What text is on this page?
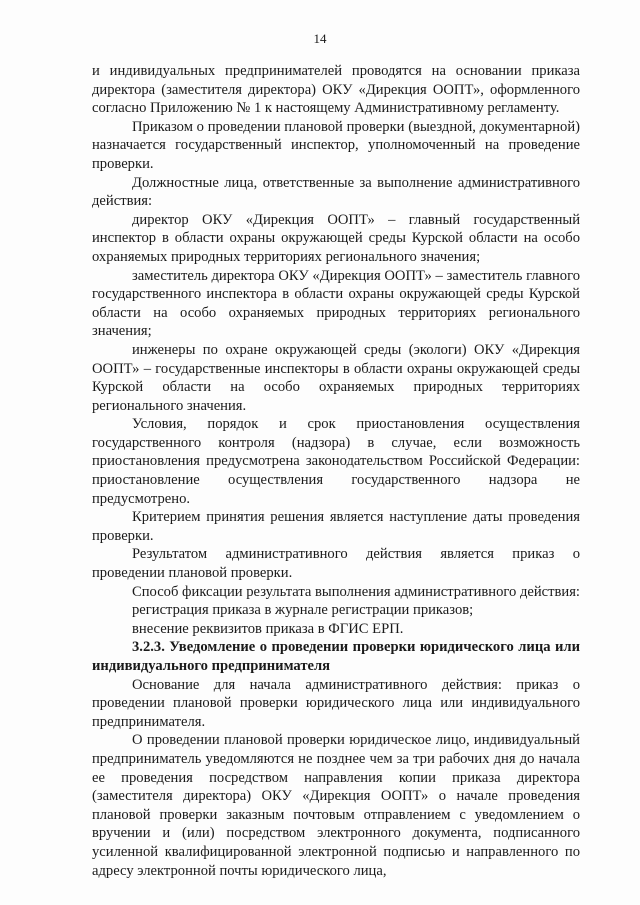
14

и индивидуальных предпринимателей проводятся на основании приказа директора (заместителя директора) ОКУ «Дирекция ООПТ», оформленного согласно Приложению № 1 к настоящему Административному регламенту.

Приказом о проведении плановой проверки (выездной, документарной) назначается государственный инспектор, уполномоченный на проведение проверки.

Должностные лица, ответственные за выполнение административного действия:

директор ОКУ «Дирекция ООПТ» – главный государственный инспектор в области охраны окружающей среды Курской области на особо охраняемых природных территориях регионального значения;

заместитель директора ОКУ «Дирекция ООПТ» – заместитель главного государственного инспектора в области охраны окружающей среды Курской области на особо охраняемых природных территориях регионального значения;

инженеры по охране окружающей среды (экологи) ОКУ «Дирекция ООПТ» – государственные инспекторы в области охраны окружающей среды Курской области на особо охраняемых природных территориях регионального значения.

Условия, порядок и срок приостановления осуществления государственного контроля (надзора) в случае, если возможность приостановления предусмотрена законодательством Российской Федерации: приостановление осуществления государственного надзора не предусмотрено.

Критерием принятия решения является наступление даты проведения проверки.

Результатом административного действия является приказ о проведении плановой проверки.

Способ фиксации результата выполнения административного действия:

регистрация приказа в журнале регистрации приказов;

внесение реквизитов приказа в ФГИС ЕРП.

3.2.3. Уведомление о проведении проверки юридического лица или индивидуального предпринимателя

Основание для начала административного действия: приказ о проведении плановой проверки юридического лица или индивидуального предпринимателя.

О проведении плановой проверки юридическое лицо, индивидуальный предприниматель уведомляются не позднее чем за три рабочих дня до начала ее проведения посредством направления копии приказа директора (заместителя директора) ОКУ «Дирекция ООПТ» о начале проведения плановой проверки заказным почтовым отправлением с уведомлением о вручении и (или) посредством электронного документа, подписанного усиленной квалифицированной электронной подписью и направленного по адресу электронной почты юридического лица,
